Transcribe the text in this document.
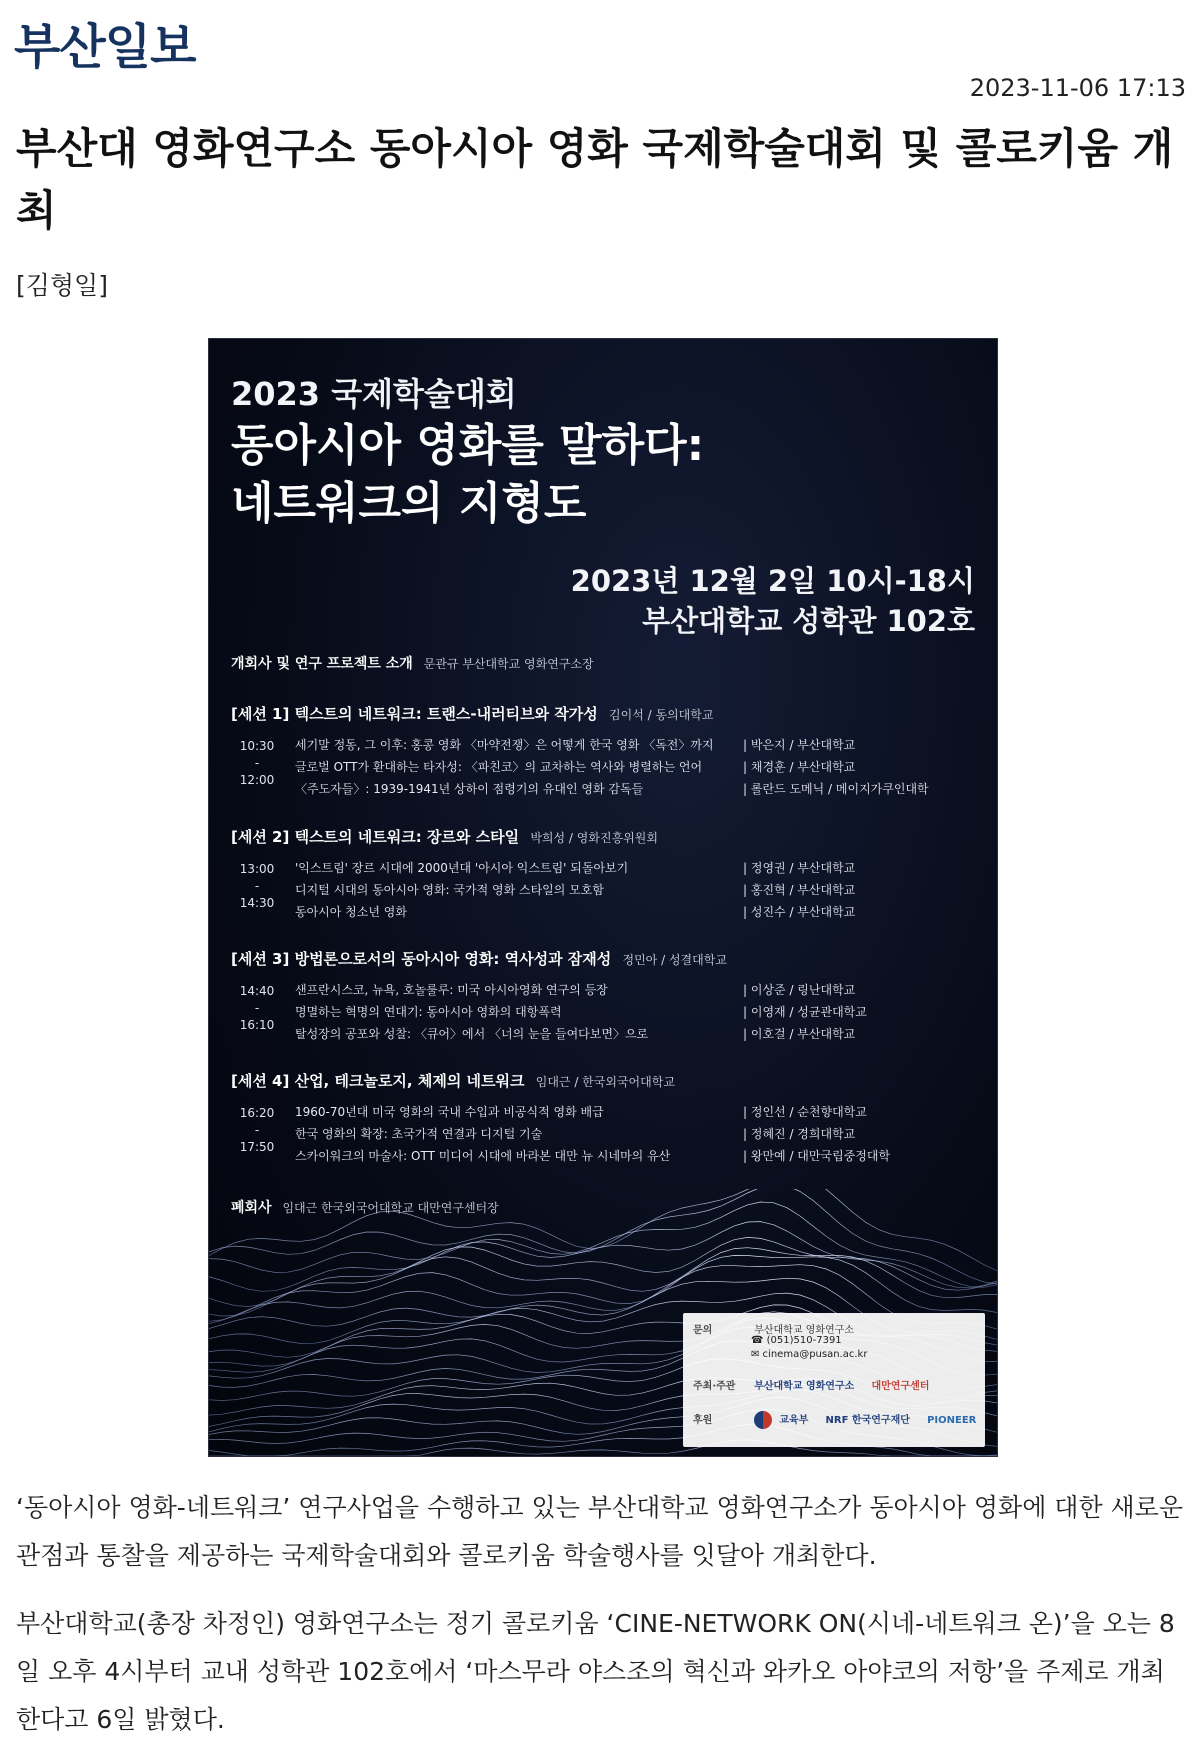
부산일보
2023-11-06 17:13
부산대 영화연구소 동아시아 영화 국제학술대회 및 콜로키움 개최
[김형일]
2023 국제학술대회
동아시아 영화를 말하다:
네트워크의 지형도
2023년 12월 2일 10시-18시
부산대학교 성학관 102호
개회사 및 연구 프로젝트 소개 문관규 부산대학교 영화연구소장
[세션 1] 텍스트의 네트워크: 트랜스-내러티브와 작가성 김이석 / 동의대학교
10:30
-
12:00
세기말 정동, 그 이후: 홍콩 영화 〈마약전쟁〉은 어떻게 한국 영화 〈독전〉까지 | 박은지 / 부산대학교
글로벌 OTT가 환대하는 타자성: 〈파친코〉의 교차하는 역사와 병렬하는 언어	| 채경훈 / 부산대학교
〈주도자들〉: 1939-1941년 상하이 점령기의 유대인 영화 감독들	| 롤란드 도메닉 / 메이지가쿠인대학
[세션 2] 텍스트의 네트워크: 장르와 스타일 박희성 / 영화진흥위원회
13:00
-
14:30
'익스트림' 장르 시대에 2000년대 '아시아 익스트림' 되돌아보기	| 정영권 / 부산대학교
디지털 시대의 동아시아 영화: 국가적 영화 스타일의 모호함	| 홍진혁 / 부산대학교
동아시아 청소년 영화	| 성진수 / 부산대학교
[세션 3] 방법론으로서의 동아시아 영화: 역사성과 잠재성 정민아 / 성결대학교
14:40
-
16:10
샌프란시스코, 뉴욕, 호놀룰루: 미국 아시아영화 연구의 등장	| 이상준 / 링난대학교
명멸하는 혁명의 연대기: 동아시아 영화의 대항폭력	| 이영재 / 성균관대학교
탈성장의 공포와 성찰: 〈큐어〉에서 〈너의 눈을 들여다보면〉으로	| 이호걸 / 부산대학교
[세션 4] 산업, 테크놀로지, 체제의 네트워크 임대근 / 한국외국어대학교
16:20
-
17:50
1960-70년대 미국 영화의 국내 수입과 비공식적 영화 배급	| 정인선 / 순천향대학교
한국 영화의 확장: 초국가적 연결과 디지털 기술	| 정혜진 / 경희대학교
스카이워크의 마술사: OTT 미디어 시대에 바라본 대만 뉴 시네마의 유산	| 왕만예 / 대만국립중정대학
폐회사 임대근 한국외국어대학교 대만연구센터장
문의	부산대학교 영화연구소
☎ (051)510-7391
✉ cinema@pusan.ac.kr
주최·주관 부산대학교 영화연구소 대만연구센터
후원	교육부 NRF 한국연구재단 PIONEER
‘동아시아 영화-네트워크’ 연구사업을 수행하고 있는 부산대학교 영화연구소가 동아시아 영화에 대한 새로운 관점과 통찰을 제공하는 국제학술대회와 콜로키움 학술행사를 잇달아 개최한다.
부산대학교(총장 차정인) 영화연구소는 정기 콜로키움 ‘CINE-NETWORK ON(시네-네트워크 온)’을 오는 8일 오후 4시부터 교내 성학관 102호에서 ‘마스무라 야스조의 혁신과 와카오 아야코의 저항’을 주제로 개최한다고 6일 밝혔다.
